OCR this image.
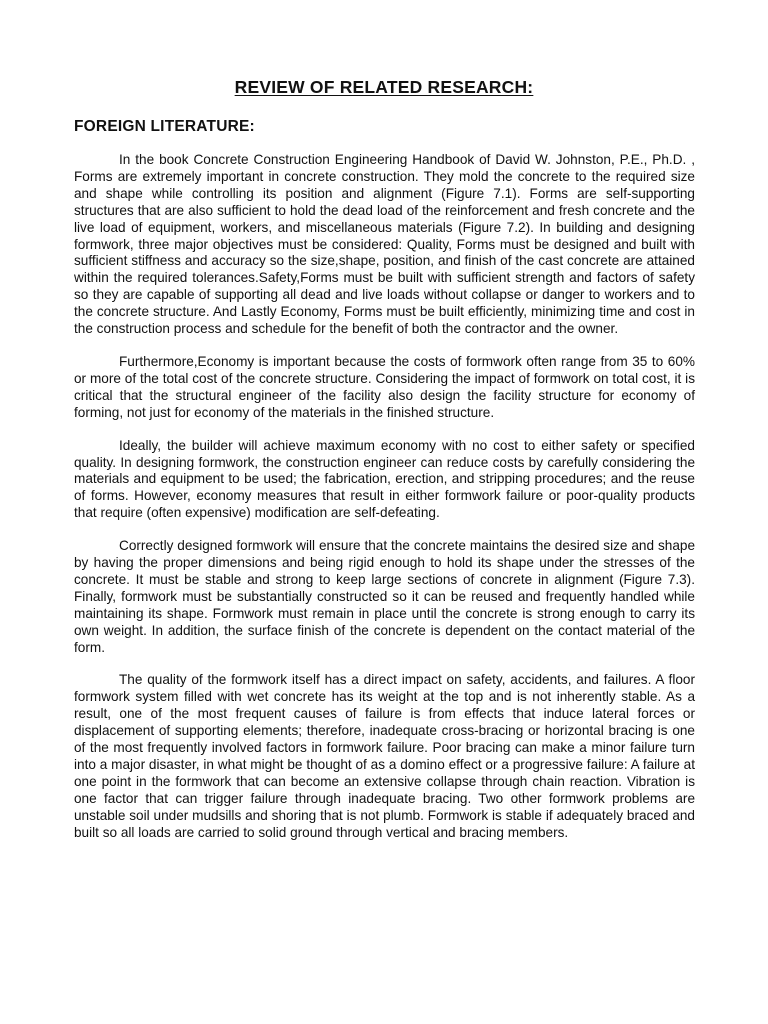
REVIEW OF RELATED RESEARCH:
FOREIGN LITERATURE:

In the book Concrete Construction Engineering Handbook of David W. Johnston, P.E., Ph.D. , Forms are extremely important in concrete construction. They mold the concrete to the required size and shape while controlling its position and alignment (Figure 7.1). Forms are self-supporting structures that are also sufficient to hold the dead load of the reinforcement and fresh concrete and the live load of equipment, workers, and miscellaneous materials (Figure 7.2). In building and designing formwork, three major objectives must be considered: Quality, Forms must be designed and built with sufficient stiffness and accuracy so the size,shape, position, and finish of the cast concrete are attained within the required tolerances.Safety,Forms must be built with sufficient strength and factors of safety so they are capable of supporting all dead and live loads without collapse or danger to workers and to the concrete structure. And Lastly Economy, Forms must be built efficiently, minimizing time and cost in the construction process and schedule for the benefit of both the contractor and the owner.

Furthermore,Economy is important because the costs of formwork often range from 35 to 60% or more of the total cost of the concrete structure. Considering the impact of formwork on total cost, it is critical that the structural engineer of the facility also design the facility structure for economy of forming, not just for economy of the materials in the finished structure.

Ideally, the builder will achieve maximum economy with no cost to either safety or specified quality. In designing formwork, the construction engineer can reduce costs by carefully considering the materials and equipment to be used; the fabrication, erection, and stripping procedures; and the reuse of forms. However, economy measures that result in either formwork failure or poor-quality products that require (often expensive) modification are self-defeating.

Correctly designed formwork will ensure that the concrete maintains the desired size and shape by having the proper dimensions and being rigid enough to hold its shape under the stresses of the concrete. It must be stable and strong to keep large sections of concrete in alignment (Figure 7.3). Finally, formwork must be substantially constructed so it can be reused and frequently handled while maintaining its shape. Formwork must remain in place until the concrete is strong enough to carry its own weight. In addition, the surface finish of the concrete is dependent on the contact material of the form.

The quality of the formwork itself has a direct impact on safety, accidents, and failures. A floor formwork system filled with wet concrete has its weight at the top and is not inherently stable. As a result, one of the most frequent causes of failure is from effects that induce lateral forces or displacement of supporting elements; therefore, inadequate cross-bracing or horizontal bracing is one of the most frequently involved factors in formwork failure. Poor bracing can make a minor failure turn into a major disaster, in what might be thought of as a domino effect or a progressive failure: A failure at one point in the formwork that can become an extensive collapse through chain reaction. Vibration is one factor that can trigger failure through inadequate bracing. Two other formwork problems are unstable soil under mudsills and shoring that is not plumb. Formwork is stable if adequately braced and built so all loads are carried to solid ground through vertical and bracing members.
